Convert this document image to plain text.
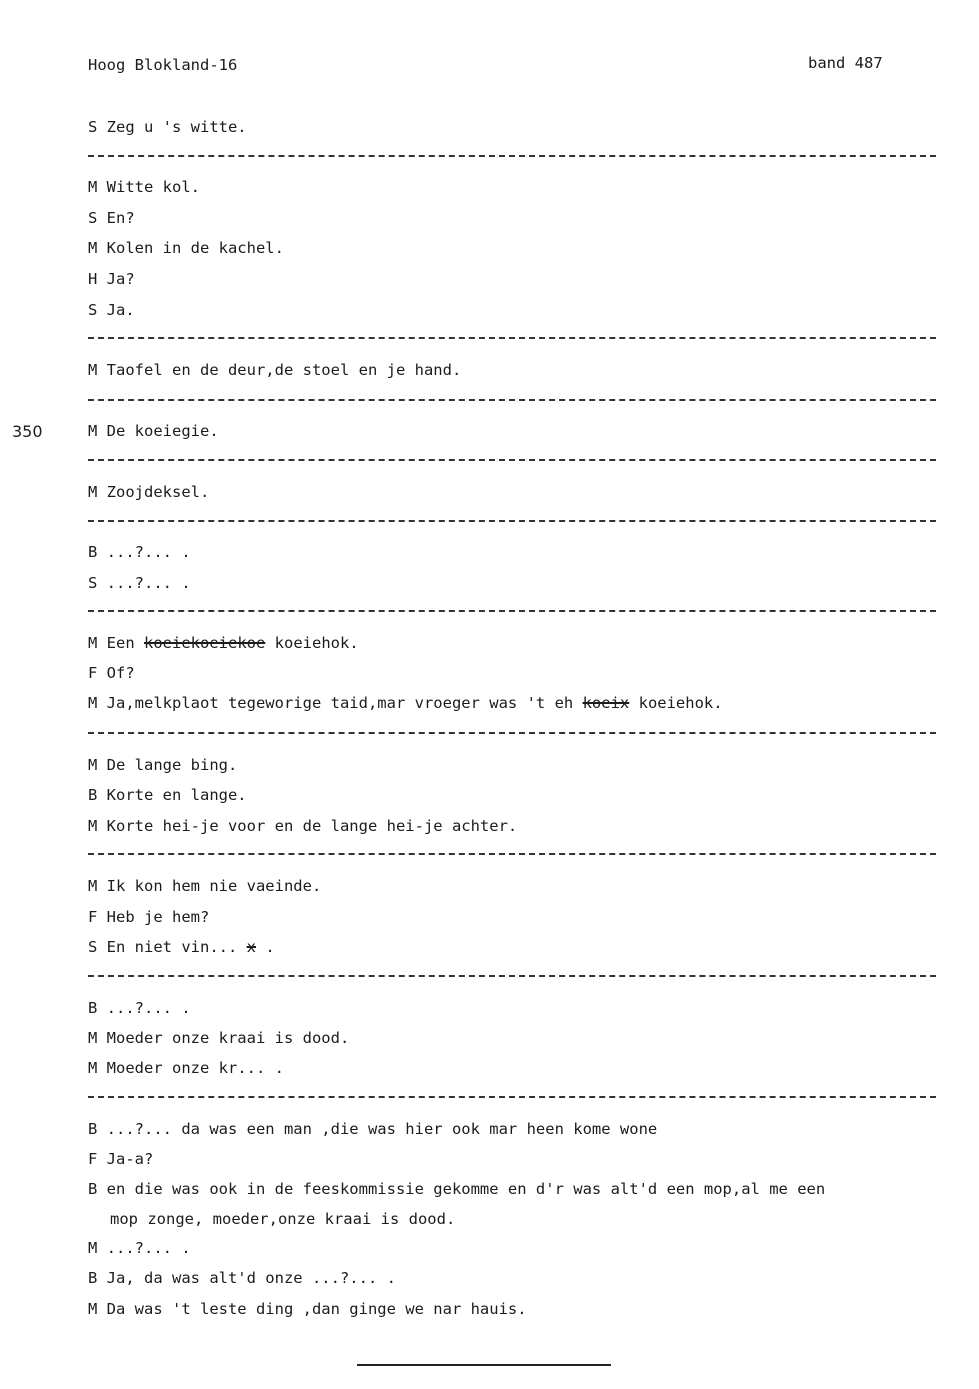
Hoog Blokland-16	band 487
350
S Zeg u 's witte.
M Witte kol.
S En?
M Kolen in de kachel.
H Ja?
S Ja.
M Taofel en de deur,de stoel en je hand.
M De koeiegie.
M Zoojdeksel.
B ...?... .
S ...?... .
M Een koeiekoeiekoe koeiehok.
F Of?
M Ja,melkplaot tegeworige taid,mar vroeger was 't eh koeix koeiehok.
M De lange bing.
B Korte en lange.
M Korte hei-je voor en de lange hei-je achter.
M Ik kon hem nie vaeinde.
F Heb je hem?
S En niet vin... x .
B ...?... .
M Moeder onze kraai is dood.
M Moeder onze kr... .
B ...?... da was een man ,die was hier ook mar heen kome wone
F Ja-a?
B en die was ook in de feeskommissie gekomme en d'r was alt'd een mop,al me een
mop zonge, moeder,onze kraai is dood.
M ...?... .
B Ja, da was alt'd onze ...?... .
M Da was 't leste ding ,dan ginge we nar hauis.
